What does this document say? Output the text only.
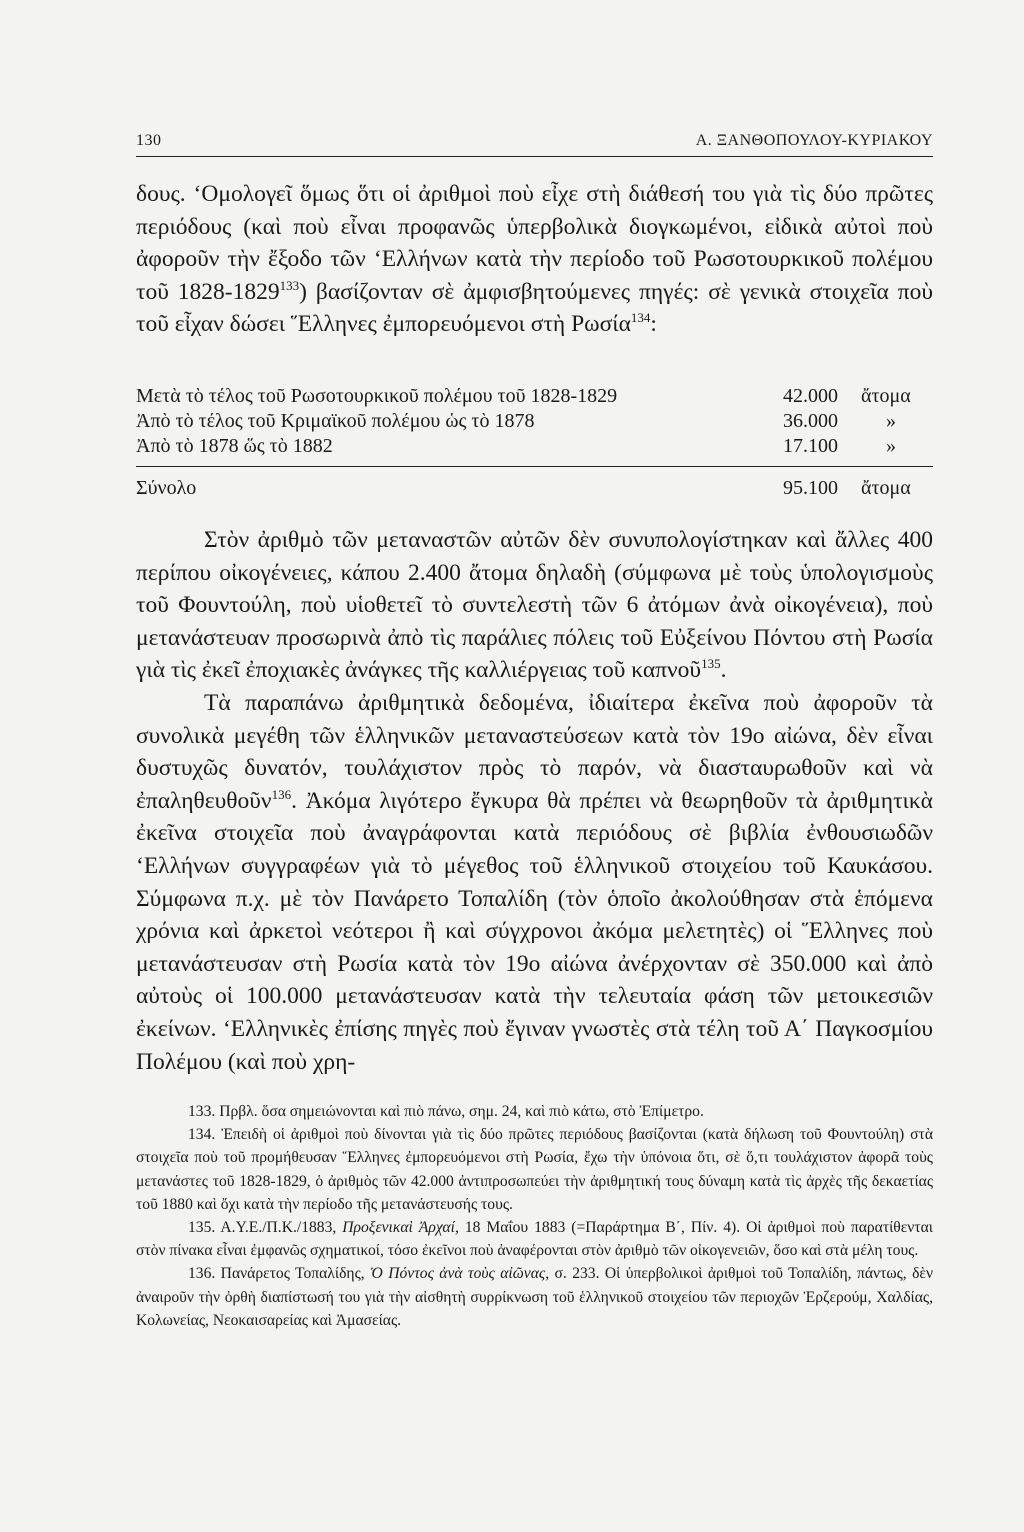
130	Α. ΞΑΝΘΟΠΟΥΛΟΥ-ΚΥΡΙΑΚΟΥ

δους. ‘Ομολογεῖ ὅμως ὅτι οἱ ἀριθμοὶ ποὺ εἶχε στὴ διάθεσή του γιὰ τὶς δύο πρῶτες περιόδους (καὶ ποὺ εἶναι προφανῶς ὑπερβολικὰ διογκωμένοι, εἰδικὰ αὐτοὶ ποὺ ἀφοροῦν τὴν ἔξοδο τῶν ‘Ελλήνων κατὰ τὴν περίοδο τοῦ Ρωσοτουρκικοῦ πολέμου τοῦ 1828-1829$^{133}$) βασίζονταν σὲ ἀμφισβητούμενες πηγές: σὲ γενικὰ στοιχεῖα ποὺ τοῦ εἶχαν δώσει Ἕλληνες ἐμπορευόμενοι στὴ Ρωσία$^{134}$:

Μετὰ τὸ τέλος τοῦ Ρωσοτουρκικοῦ πολέμου τοῦ 1828-1829	42.000 ἄτομα
Ἀπὸ τὸ τέλος τοῦ Κριμαϊκοῦ πολέμου ὡς τὸ 1878	36.000 »
Ἀπὸ τὸ 1878 ὥς τὸ 1882	17.100 »
Σύνολο	95.100 ἄτομα

Στὸν ἀριθμὸ τῶν μεταναστῶν αὐτῶν δὲν συνυπολογίστηκαν καὶ ἄλλες 400 περίπου οἰκογένειες, κάπου 2.400 ἄτομα δηλαδὴ (σύμφωνα μὲ τοὺς ὑπολογισμοὺς τοῦ Φουντούλη, ποὺ υἱοθετεῖ τὸ συντελεστὴ τῶν 6 ἀτόμων ἀνὰ οἰκογένεια), ποὺ μετανάστευαν προσωρινὰ ἀπὸ τὶς παράλιες πόλεις τοῦ Εὐξείνου Πόντου στὴ Ρωσία γιὰ τὶς ἐκεῖ ἐποχιακὲς ἀνάγκες τῆς καλλιέργειας τοῦ καπνοῦ$^{135}$.

Τὰ παραπάνω ἀριθμητικὰ δεδομένα, ἰδιαίτερα ἐκεῖνα ποὺ ἀφοροῦν τὰ συνολικὰ μεγέθη τῶν ἑλληνικῶν μεταναστεύσεων κατὰ τὸν 19ο αἰώνα, δὲν εἶναι δυστυχῶς δυνατόν, τουλάχιστον πρὸς τὸ παρόν, νὰ διασταυρωθοῦν καὶ νὰ ἐπαληθευθοῦν$^{136}$. Ἀκόμα λιγότερο ἔγκυρα θὰ πρέπει νὰ θεωρηθοῦν τὰ ἀριθμητικὰ ἐκεῖνα στοιχεῖα ποὺ ἀναγράφονται κατὰ περιόδους σὲ βιβλία ἐνθουσιωδῶν ‘Ελλήνων συγγραφέων γιὰ τὸ μέγεθος τοῦ ἑλληνικοῦ στοιχείου τοῦ Καυκάσου. Σύμφωνα π.χ. μὲ τὸν Πανάρετο Τοπαλίδη (τὸν ὁποῖο ἀκολούθησαν στὰ ἑπόμενα χρόνια καὶ ἀρκετοὶ νεότεροι ἢ καὶ σύγχρονοι ἀκόμα μελετητὲς) οἱ Ἕλληνες ποὺ μετανάστευσαν στὴ Ρωσία κατὰ τὸν 19ο αἰώνα ἀνέρχονταν σὲ 350.000 καὶ ἀπὸ αὐτοὺς οἱ 100.000 μετανάστευσαν κατὰ τὴν τελευταία φάση τῶν μετοικεσιῶν ἐκείνων. ‘Ελληνικὲς ἐπίσης πηγὲς ποὺ ἔγιναν γνωστὲς στὰ τέλη τοῦ Α΄ Παγκοσμίου Πολέμου (καὶ ποὺ χρη-

133. Πρβλ. ὅσα σημειώνονται καὶ πιὸ πάνω, σημ. 24, καὶ πιὸ κάτω, στὸ Ἐπίμετρο.

134. Ἐπειδὴ οἱ ἀριθμοὶ ποὺ δίνονται γιὰ τὶς δύο πρῶτες περιόδους βασίζονται (κατὰ δήλωση τοῦ Φουντούλη) στὰ στοιχεῖα ποὺ τοῦ προμήθευσαν Ἕλληνες ἐμπορευόμενοι στὴ Ρωσία, ἔχω τὴν ὑπόνοια ὅτι, σὲ ὅ,τι τουλάχιστον ἀφορᾶ τοὺς μετανάστες τοῦ 1828-1829, ὁ ἀριθμὸς τῶν 42.000 ἀντιπροσωπεύει τὴν ἀριθμητική τους δύναμη κατὰ τὶς ἀρχὲς τῆς δεκαετίας τοῦ 1880 καὶ ὄχι κατὰ τὴν περίοδο τῆς μετανάστευσής τους.

135. Α.Υ.Ε./Π.Κ./1883, Προξενικαὶ Ἀρχαί, 18 Μαΐου 1883 (=Παράρτημα Β΄, Πίν. 4). Οἱ ἀριθμοὶ ποὺ παρατίθενται στὸν πίνακα εἶναι ἐμφανῶς σχηματικοί, τόσο ἐκεῖνοι ποὺ ἀναφέρονται στὸν ἀριθμὸ τῶν οἰκογενειῶν, ὅσο καὶ στὰ μέλη τους.

136. Πανάρετος Τοπαλίδης, Ὁ Πόντος ἀνὰ τοὺς αἰῶνας, σ. 233. Οἱ ὑπερβολικοὶ ἀριθμοὶ τοῦ Τοπαλίδη, πάντως, δὲν ἀναιροῦν τὴν ὀρθὴ διαπίστωσή του γιὰ τὴν αἰσθητὴ συρρίκνωση τοῦ ἑλληνικοῦ στοιχείου τῶν περιοχῶν Ἐρζερούμ, Χαλδίας, Κολωνείας, Νεοκαισαρείας καὶ Ἀμασείας.
